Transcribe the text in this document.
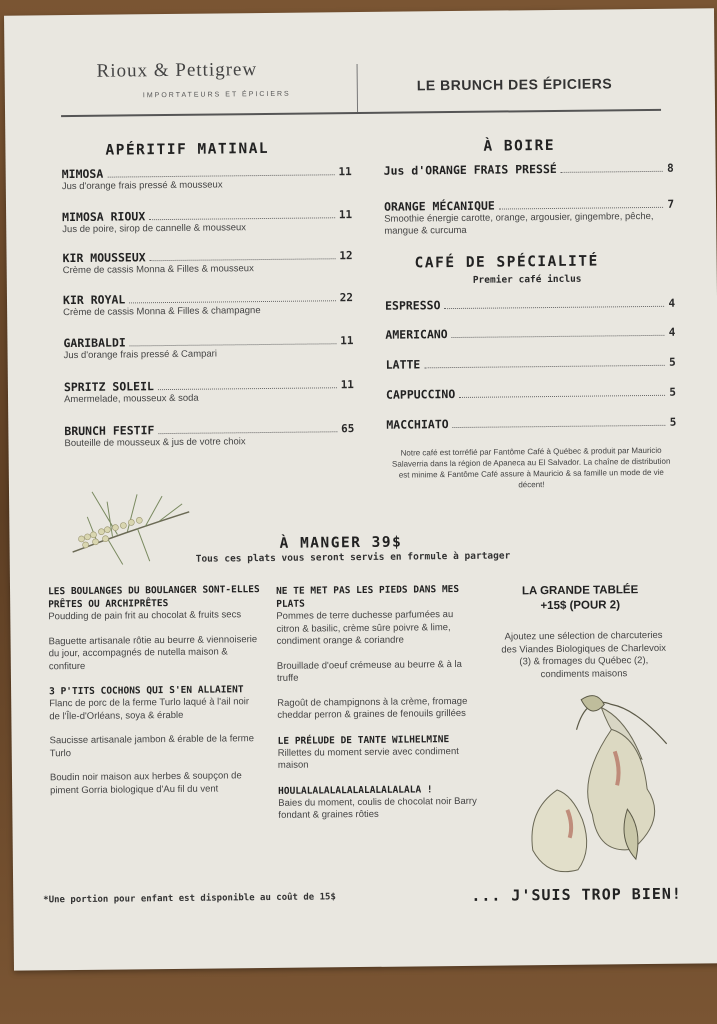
Rioux & Pettigrew
IMPORTATEURS ET ÉPICIERS
LE BRUNCH DES ÉPICIERS
APÉRITIF MATINAL
MIMOSA	11
Jus d'orange frais pressé & mousseux
MIMOSA RIOUX	11
Jus de poire, sirop de cannelle & mousseux
KIR MOUSSEUX	12
Crème de cassis Monna & Filles & mousseux
KIR ROYAL	22
Crème de cassis Monna & Filles & champagne
GARIBALDI	11
Jus d'orange frais pressé & Campari
SPRITZ SOLEIL	11
Amermelade, mousseux & soda
BRUNCH FESTIF	65
Bouteille de mousseux & jus de votre choix
À BOIRE
Jus d'ORANGE FRAIS PRESSÉ	8
ORANGE MÉCANIQUE	7
Smoothie énergie carotte, orange, argousier, gingembre, pêche, mangue & curcuma
CAFÉ DE SPÉCIALITÉ
Premier café inclus
ESPRESSO	4
AMERICANO	4
LATTE	5
CAPPUCCINO	5
MACCHIATO	5
Notre café est torréfié par Fantôme Café à Québec & produit par Mauricio Salaverria dans la région de Apaneca au El Salvador. La chaîne de distribution est minime & Fantôme Café assure à Mauricio & sa famille un mode de vie décent!
À MANGER 39$
Tous ces plats vous seront servis en formule à partager
LES BOULANGES DU BOULANGER SONT-ELLES PRÊTES OU ARCHIPRÊTES
Poudding de pain frit au chocolat & fruits secs
Baguette artisanale rôtie au beurre & viennoiserie du jour, accompagnés de nutella maison & confiture
3 P'TITS COCHONS QUI S'EN ALLAIENT
Flanc de porc de la ferme Turlo laqué à l'ail noir de l'Île-d'Orléans, soya & érable
Saucisse artisanale jambon & érable de la ferme Turlo
Boudin noir maison aux herbes & soupçon de piment Gorria biologique d'Au fil du vent
NE TE MET PAS LES PIEDS DANS MES PLATS
Pommes de terre duchesse parfumées au citron & basilic, crème sûre poivre & lime, condiment orange & coriandre
Brouillade d'oeuf crémeuse au beurre & à la truffe
Ragoût de champignons à la crème, fromage cheddar perron & graines de fenouils grillées
LE PRÉLUDE DE TANTE WILHELMINE
Rillettes du moment servie avec condiment maison
HOULALALALALALALALALALALA !
Baies du moment, coulis de chocolat noir Barry fondant & graines rôties
LA GRANDE TABLÉE
+15$ (POUR 2)
Ajoutez une sélection de charcuteries des Viandes Biologiques de Charlevoix (3) & fromages du Québec (2), condiments maisons
*Une portion pour enfant est disponible au coût de 15$	... J'SUIS TROP BIEN!
